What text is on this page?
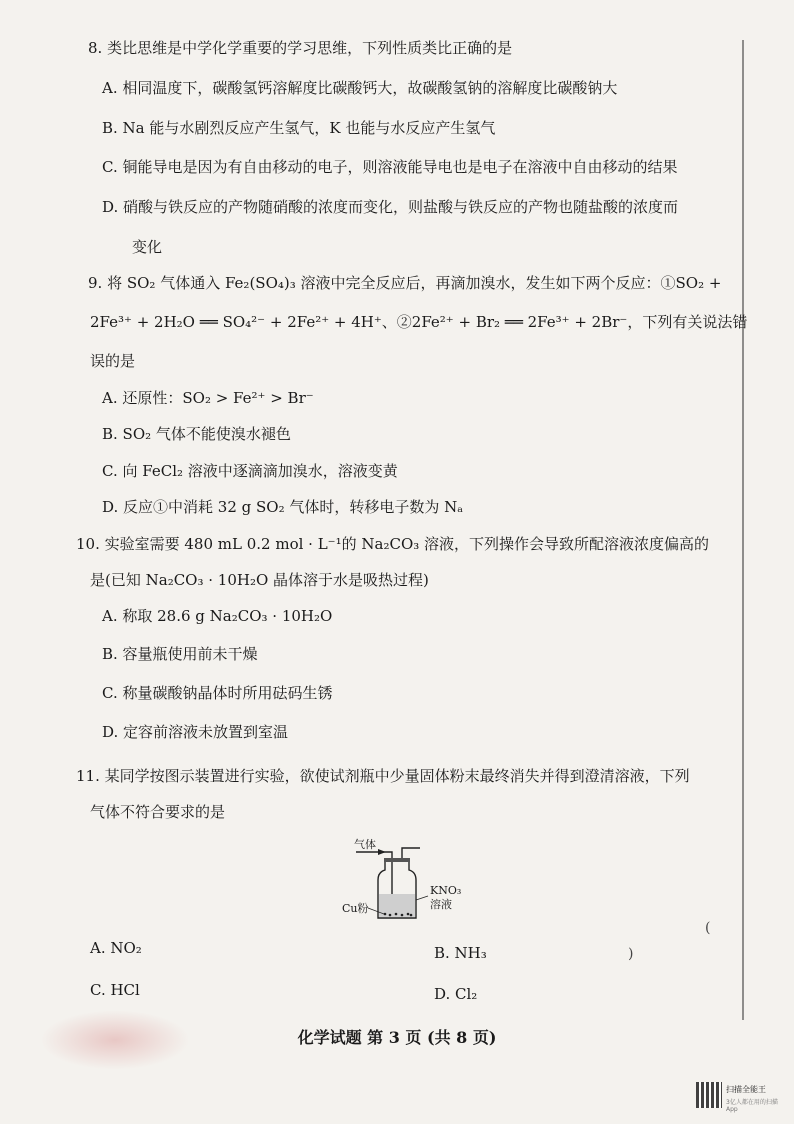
8. 类比思维是中学化学重要的学习思维，下列性质类比正确的是
A. 相同温度下，碳酸氢钙溶解度比碳酸钙大，故碳酸氢钠的溶解度比碳酸钠大
B. Na 能与水剧烈反应产生氢气，K 也能与水反应产生氢气
C. 铜能导电是因为有自由移动的电子，则溶液能导电也是电子在溶液中自由移动的结果
D. 硝酸与铁反应的产物随硝酸的浓度而变化，则盐酸与铁反应的产物也随盐酸的浓度而
变化
9. 将 SO₂ 气体通入 Fe₂(SO₄)₃ 溶液中完全反应后，再滴加溴水，发生如下两个反应：①SO₂ +
2Fe³⁺ + 2H₂O ══ SO₄²⁻ + 2Fe²⁺ + 4H⁺、②2Fe²⁺ + Br₂ ══ 2Fe³⁺ + 2Br⁻，下列有关说法错
误的是
A. 还原性：SO₂ > Fe²⁺ > Br⁻
B. SO₂ 气体不能使溴水褪色
C. 向 FeCl₂ 溶液中逐滴滴加溴水，溶液变黄
D. 反应①中消耗 32 g SO₂ 气体时，转移电子数为 Nₐ
10. 实验室需要 480 mL 0.2 mol · L⁻¹的 Na₂CO₃ 溶液，下列操作会导致所配溶液浓度偏高的
是(已知 Na₂CO₃ · 10H₂O 晶体溶于水是吸热过程)
A. 称取 28.6 g Na₂CO₃ · 10H₂O
B. 容量瓶使用前未干燥
C. 称量碳酸钠晶体时所用砝码生锈
D. 定容前溶液未放置到室温
11. 某同学按图示装置进行实验，欲使试剂瓶中少量固体粉末最终消失并得到澄清溶液，下列
气体不符合要求的是
气体
KNO₃
溶液
Cu粉
A. NO₂	B. NH₃
C. HCl	D. Cl₂
(
)
化学试题 第 3 页 (共 8 页)
扫描全能王
3亿人都在用的扫描App
